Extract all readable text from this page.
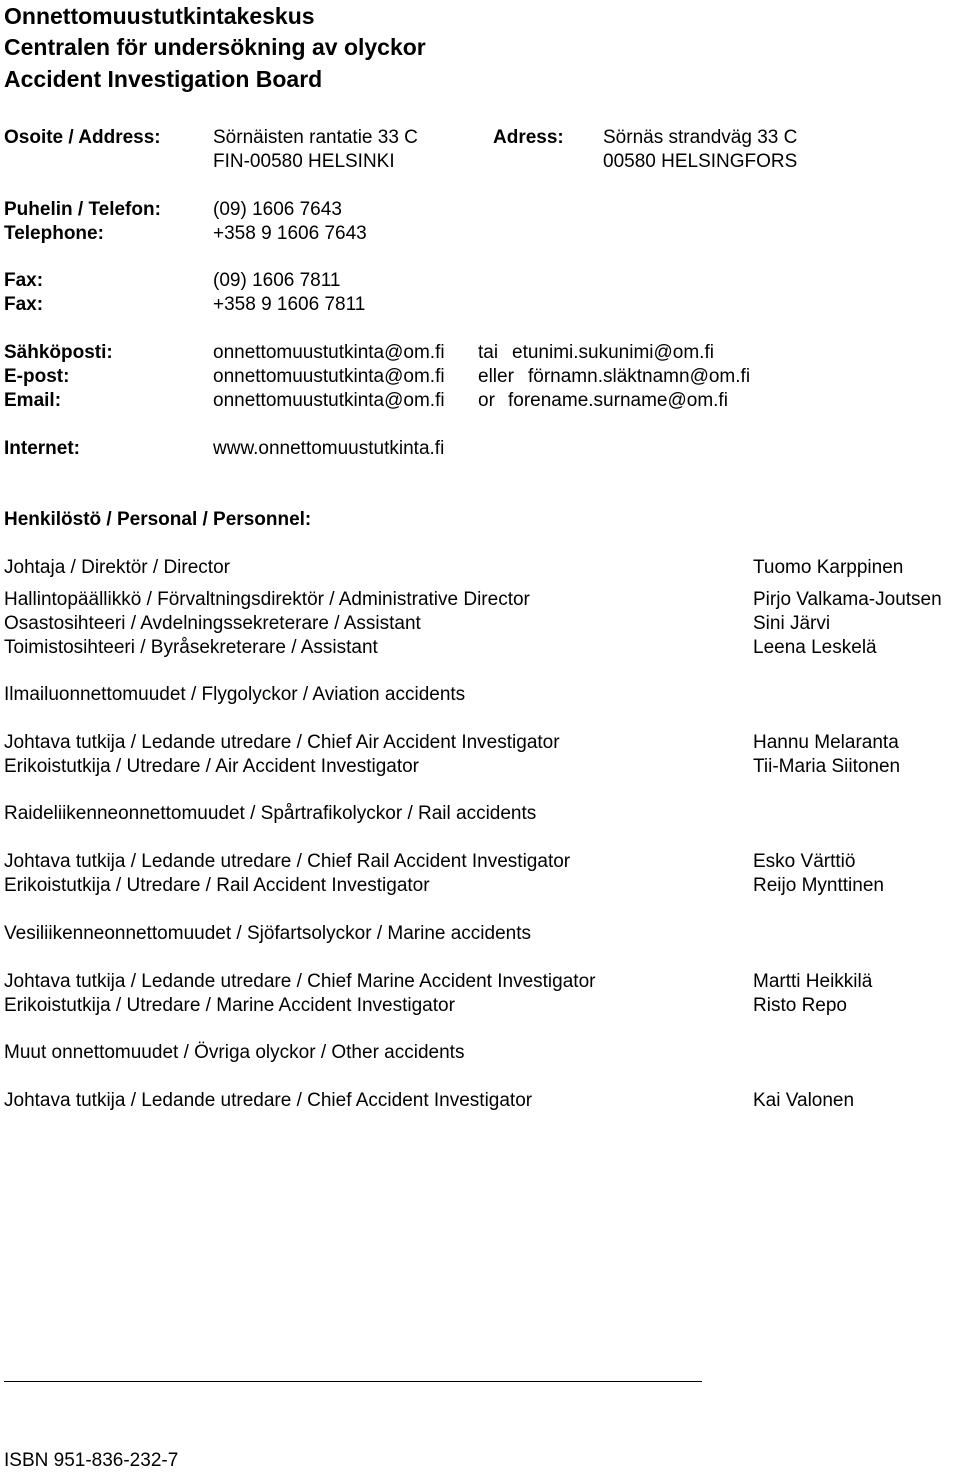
Onnettomuustutkintakeskus
Centralen för undersökning av olyckor
Accident Investigation Board
Osoite / Address:	Sörnäisten rantatie 33 C
FIN-00580 HELSINKI
Adress: Sörnäs strandväg 33 C
00580 HELSINGFORS
Puhelin / Telefon:	(09) 1606 7643
Telephone:	+358 9 1606 7643
Fax:	(09) 1606 7811
Fax:	+358 9 1606 7811
Sähköposti:	onnettomuustutkinta@om.fi tai etunimi.sukunimi@om.fi
E-post:	onnettomuustutkinta@om.fi eller förnamn.släktnamn@om.fi
Email:	onnettomuustutkinta@om.fi or forename.surname@om.fi
Internet:	www.onnettomuustutkinta.fi
Henkilöstö / Personal / Personnel:
Johtaja / Direktör / Director	Tuomo Karppinen
Hallintopäällikkö / Förvaltningsdirektör / Administrative Director	Pirjo Valkama-Joutsen
Osastosihteeri / Avdelningssekreterare / Assistant	Sini Järvi
Toimistosihteeri / Byråsekreterare / Assistant	Leena Leskelä
Ilmailuonnettomuudet / Flygolyckor / Aviation accidents
Johtava tutkija / Ledande utredare / Chief Air Accident Investigator	Hannu Melaranta
Erikoistutkija / Utredare / Air Accident Investigator	Tii-Maria Siitonen
Raideliikenneonnettomuudet / Spårtrafikolyckor / Rail accidents
Johtava tutkija / Ledande utredare / Chief Rail Accident Investigator	Esko Värttiö
Erikoistutkija / Utredare / Rail Accident Investigator	Reijo Mynttinen
Vesiliikenneonnettomuudet / Sjöfartsolyckor / Marine accidents
Johtava tutkija / Ledande utredare / Chief Marine Accident Investigator	Martti Heikkilä
Erikoistutkija / Utredare / Marine Accident Investigator	Risto Repo
Muut onnettomuudet / Övriga olyckor / Other accidents
Johtava tutkija / Ledande utredare / Chief Accident Investigator	Kai Valonen
ISBN 951-836-232-7
